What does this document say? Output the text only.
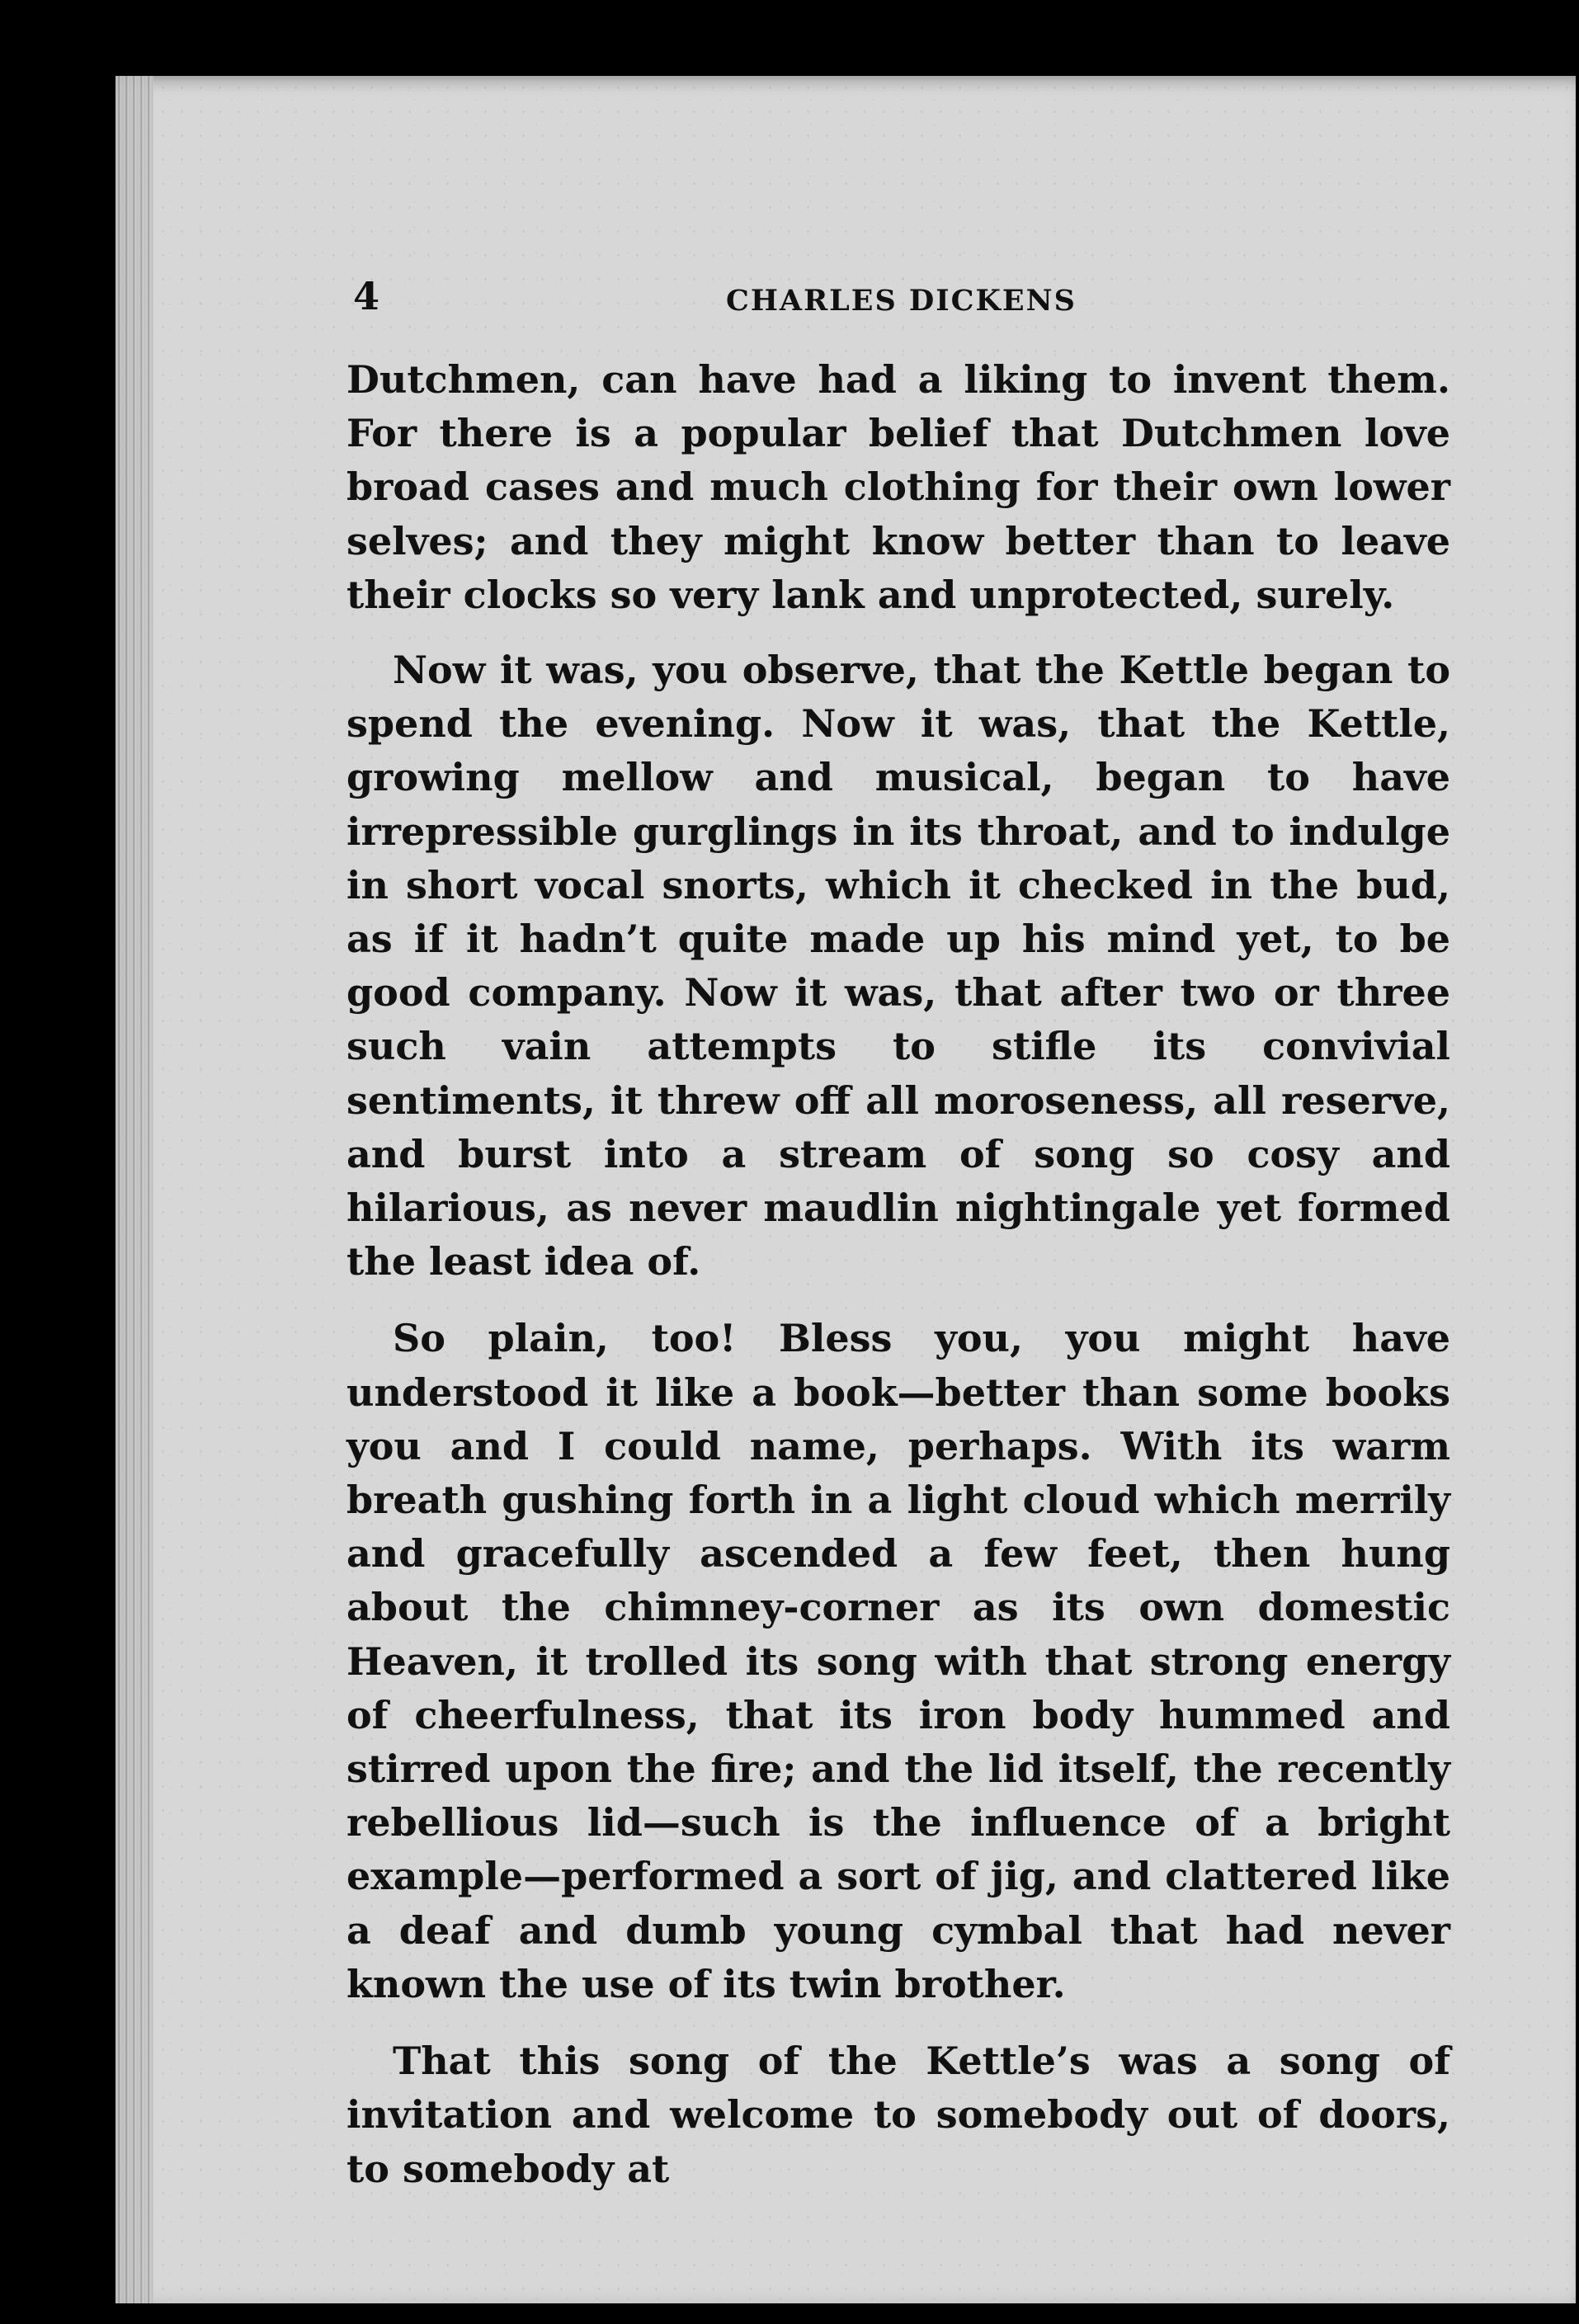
4	CHARLES DICKENS

Dutchmen, can have had a liking to invent them. For there is a popular belief that Dutchmen love broad cases and much clothing for their own lower selves; and they might know better than to leave their clocks so very lank and unprotected, surely.

Now it was, you observe, that the Kettle began to spend the evening. Now it was, that the Kettle, growing mellow and musical, began to have irrepressible gurglings in its throat, and to indulge in short vocal snorts, which it checked in the bud, as if it hadn’t quite made up his mind yet, to be good company. Now it was, that after two or three such vain attempts to stifle its convivial sentiments, it threw off all moroseness, all reserve, and burst into a stream of song so cosy and hilarious, as never maudlin nightingale yet formed the least idea of.

So plain, too! Bless you, you might have understood it like a book—better than some books you and I could name, perhaps. With its warm breath gushing forth in a light cloud which merrily and gracefully ascended a few feet, then hung about the chimney-corner as its own domestic Heaven, it trolled its song with that strong energy of cheerfulness, that its iron body hummed and stirred upon the fire; and the lid itself, the recently rebellious lid—such is the influence of a bright example—performed a sort of jig, and clattered like a deaf and dumb young cymbal that had never known the use of its twin brother.

That this song of the Kettle’s was a song of invitation and welcome to somebody out of doors, to somebody at
